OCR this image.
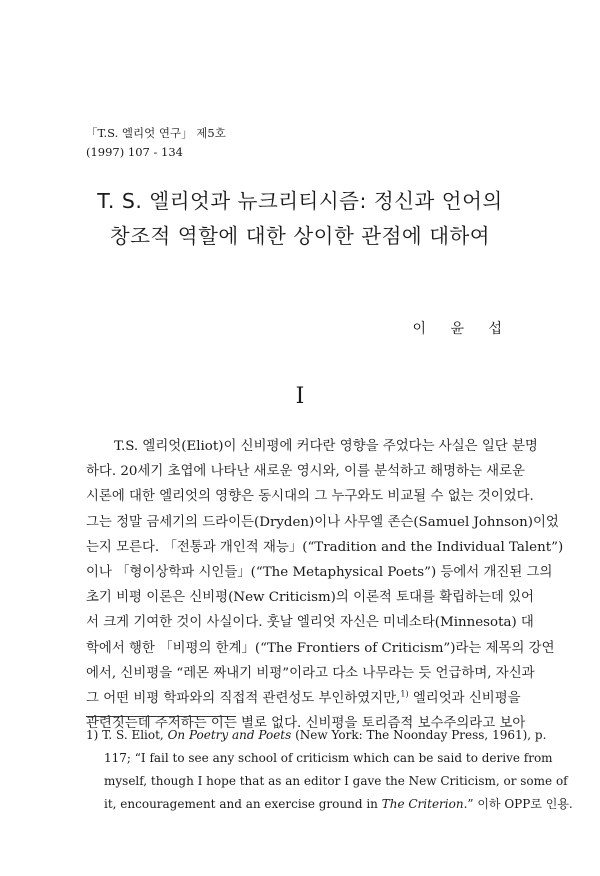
「T.S. 엘리엇 연구」 제5호
(1997) 107 - 134
T. S. 엘리엇과 뉴크리티시즘: 정신과 언어의
창조적 역할에 대한 상이한 관점에 대하여
이 윤 섭
I
T.S. 엘리엇(Eliot)이 신비평에 커다란 영향을 주었다는 사실은 일단 분명
하다. 20세기 초엽에 나타난 새로운 영시와, 이를 분석하고 해명하는 새로운
시론에 대한 엘리엇의 영향은 동시대의 그 누구와도 비교될 수 없는 것이었다.
그는 정말 금세기의 드라이든(Dryden)이나 사무엘 존슨(Samuel Johnson)이었
는지 모른다. 「전통과 개인적 재능」(“Tradition and the Individual Talent”)
이나 「형이상학파 시인들」(“The Metaphysical Poets”) 등에서 개진된 그의
초기 비평 이론은 신비평(New Criticism)의 이론적 토대를 확립하는데 있어
서 크게 기여한 것이 사실이다. 훗날 엘리엇 자신은 미네소타(Minnesota) 대
학에서 행한 「비평의 한계」(“The Frontiers of Criticism”)라는 제목의 강연
에서, 신비평을 “레몬 짜내기 비평”이라고 다소 나무라는 듯 언급하며, 자신과
그 어떤 비평 학파와의 직접적 관련성도 부인하였지만,$^{1)}$ 엘리엇과 신비평을
관련짓는데 주저하는 이는 별로 없다. 신비평을 토리즘적 보수주의라고 보아
1) T. S. Eliot, On Poetry and Poets (New York: The Noonday Press, 1961), p.
117; “I fail to see any school of criticism which can be said to derive from
myself, though I hope that as an editor I gave the New Criticism, or some of
it, encouragement and an exercise ground in The Criterion.” 이하 OPP로 인용.
